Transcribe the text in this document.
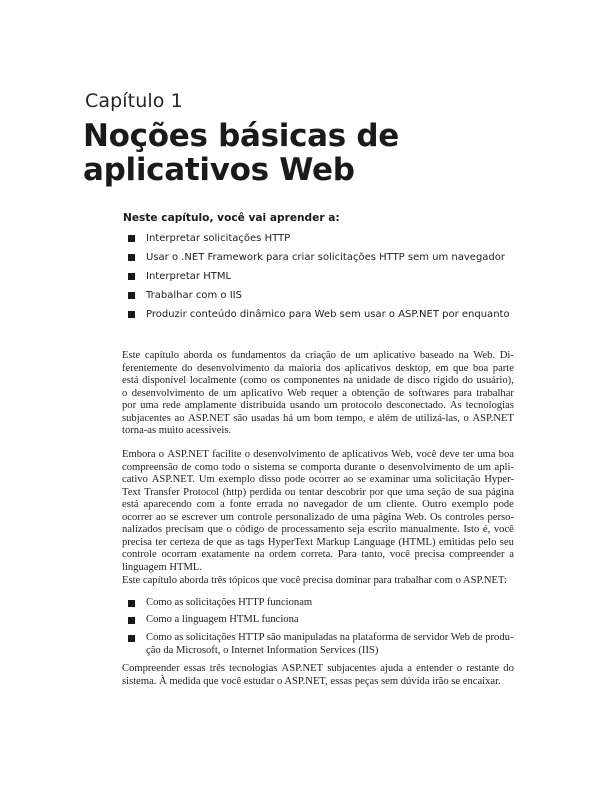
Capítulo 1
Noções básicas de
aplicativos Web
Neste capítulo, você vai aprender a:
Interpretar solicitações HTTP
Usar o .NET Framework para criar solicitações HTTP sem um navegador
Interpretar HTML
Trabalhar com o IIS
Produzir conteúdo dinâmico para Web sem usar o ASP.NET por enquanto
Este capítulo aborda os fundamentos da criação de um aplicativo baseado na Web. Di-
ferentemente do desenvolvimento da maioria dos aplicativos desktop, em que boa parte
está disponível localmente (como os componentes na unidade de disco rígido do usuário),
o desenvolvimento de um aplicativo Web requer a obtenção de softwares para trabalhar
por uma rede amplamente distribuída usando um protocolo desconectado. As tecnologias
subjacentes ao ASP.NET são usadas há um bom tempo, e além de utilizá-las, o ASP.NET
torna-as muito acessíveis.
Embora o ASP.NET facilite o desenvolvimento de aplicativos Web, você deve ter uma boa
compreensão de como todo o sistema se comporta durante o desenvolvimento de um apli-
cativo ASP.NET. Um exemplo disso pode ocorrer ao se examinar uma solicitação Hyper-
Text Transfer Protocol (http) perdida ou tentar descobrir por que uma seção de sua página
está aparecendo com a fonte errada no navegador de um cliente. Outro exemplo pode
ocorrer ao se escrever um controle personalizado de uma página Web. Os controles perso-
nalizados precisam que o código de processamento seja escrito manualmente. Isto é, você
precisa ter certeza de que as tags HyperText Markup Language (HTML) emitidas pelo seu
controle ocorram exatamente na ordem correta. Para tanto, você precisa compreender a
linguagem HTML.
Este capítulo aborda três tópicos que você precisa dominar para trabalhar com o ASP.NET:
Como as solicitações HTTP funcionam
Como a linguagem HTML funciona
Como as solicitações HTTP são manipuladas na plataforma de servidor Web de produ-
ção da Microsoft, o Internet Information Services (IIS)
Compreender essas três tecnologias ASP.NET subjacentes ajuda a entender o restante do
sistema. À medida que você estudar o ASP.NET, essas peças sem dúvida irão se encaixar.
